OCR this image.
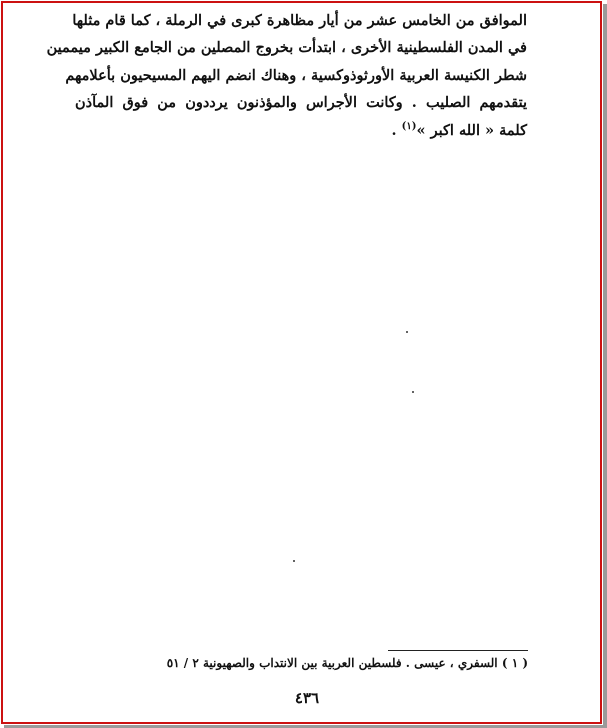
الموافق من الخامس عشر من أيار مظاهرة كبرى في الرملة ، كما قام مثلها
في المدن الفلسطينية الأخرى ، ابتدأت بخروج المصلين من الجامع الكبير ميممين
شطر الكنيسة العربية الأورثوذوكسية ، وهناك انضم اليهم المسيحيون بأعلامهم
يتقدمهم الصليب . وكانت الأجراس والمؤذنون يرددون من فوق المآذن
كلمة « الله اكبر »$^{(١)}$ .
( ١ ) السفري ، عيسى . فلسطين العربية بين الانتداب والصهيونية ٢ / ٥١
٤٣٦
